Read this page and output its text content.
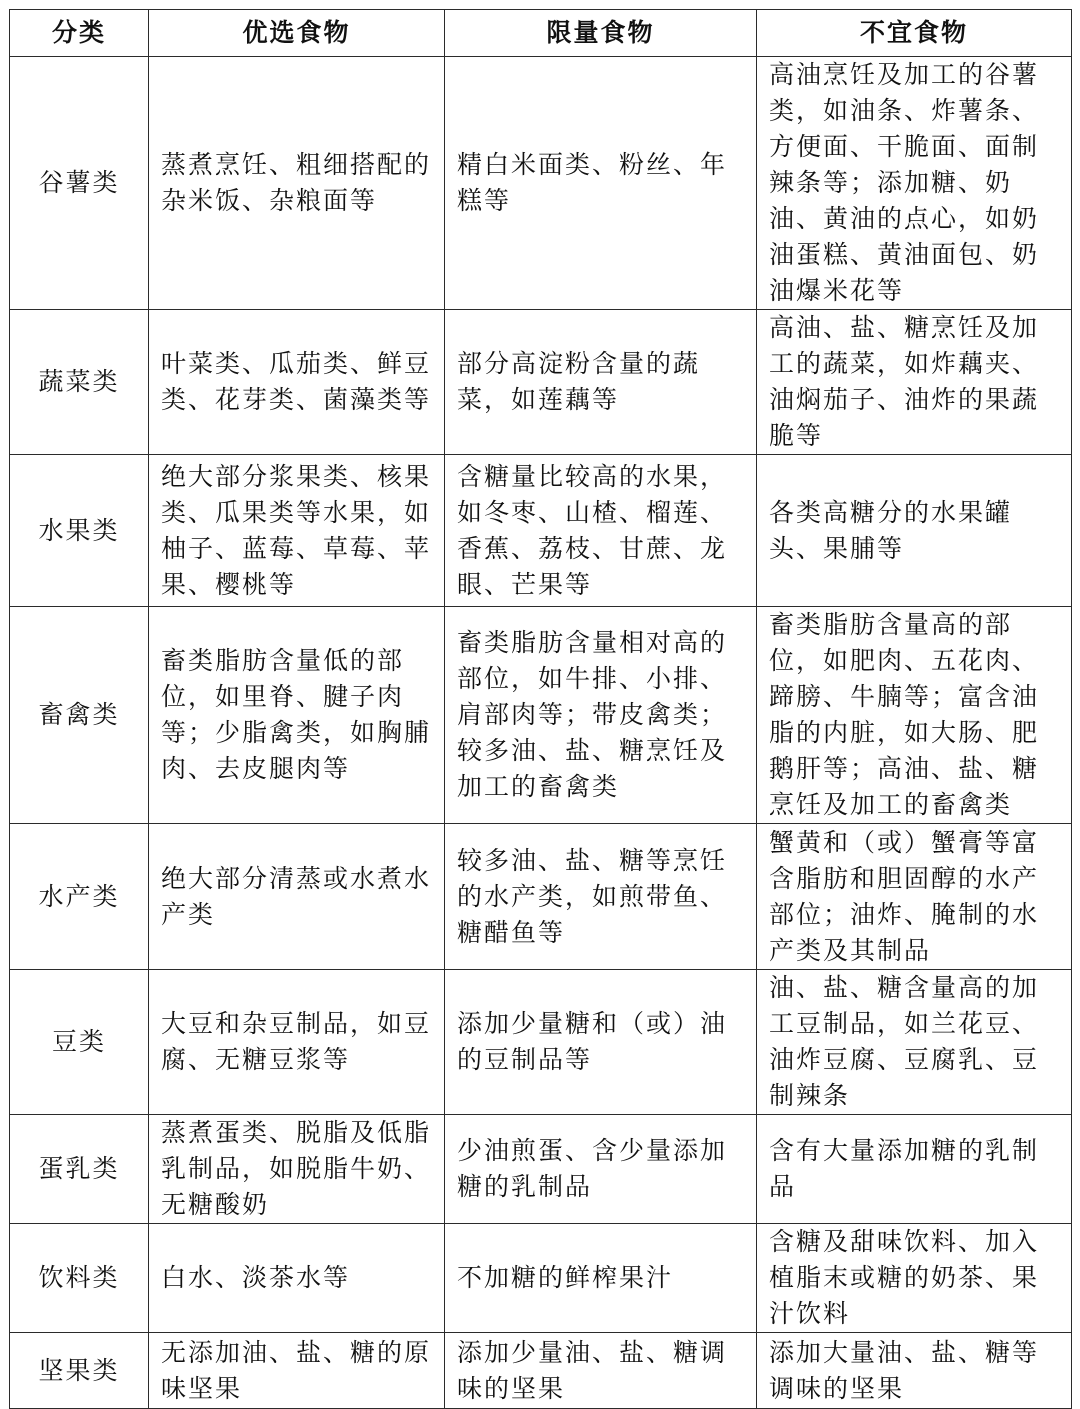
分类	优选食物	限量食物	不宜食物
谷薯类	蒸煮烹饪、粗细搭配的杂米饭、杂粮面等	精白米面类、粉丝、年糕等	高油烹饪及加工的谷薯类，如油条、炸薯条、方便面、干脆面、面制辣条等；添加糖、奶油、黄油的点心，如奶油蛋糕、黄油面包、奶油爆米花等
蔬菜类	叶菜类、瓜茄类、鲜豆类、花芽类、菌藻类等	部分高淀粉含量的蔬菜，如莲藕等	高油、盐、糖烹饪及加工的蔬菜，如炸藕夹、油焖茄子、油炸的果蔬脆等
水果类	绝大部分浆果类、核果类、瓜果类等水果，如柚子、蓝莓、草莓、苹果、樱桃等	含糖量比较高的水果，如冬枣、山楂、榴莲、香蕉、荔枝、甘蔗、龙眼、芒果等	各类高糖分的水果罐头、果脯等
畜禽类	畜类脂肪含量低的部位，如里脊、腱子肉等；少脂禽类，如胸脯肉、去皮腿肉等	畜类脂肪含量相对高的部位，如牛排、小排、肩部肉等；带皮禽类；较多油、盐、糖烹饪及加工的畜禽类	畜类脂肪含量高的部位，如肥肉、五花肉、蹄膀、牛腩等；富含油脂的内脏，如大肠、肥鹅肝等；高油、盐、糖烹饪及加工的畜禽类
水产类	绝大部分清蒸或水煮水产类	较多油、盐、糖等烹饪的水产类，如煎带鱼、糖醋鱼等	蟹黄和（或）蟹膏等富含脂肪和胆固醇的水产部位；油炸、腌制的水产类及其制品
豆类	大豆和杂豆制品，如豆腐、无糖豆浆等	添加少量糖和（或）油的豆制品等	油、盐、糖含量高的加工豆制品，如兰花豆、油炸豆腐、豆腐乳、豆制辣条
蛋乳类	蒸煮蛋类、脱脂及低脂乳制品，如脱脂牛奶、无糖酸奶	少油煎蛋、含少量添加糖的乳制品	含有大量添加糖的乳制品
饮料类	白水、淡茶水等	不加糖的鲜榨果汁	含糖及甜味饮料、加入植脂末或糖的奶茶、果汁饮料
坚果类	无添加油、盐、糖的原味坚果	添加少量油、盐、糖调味的坚果	添加大量油、盐、糖等调味的坚果
